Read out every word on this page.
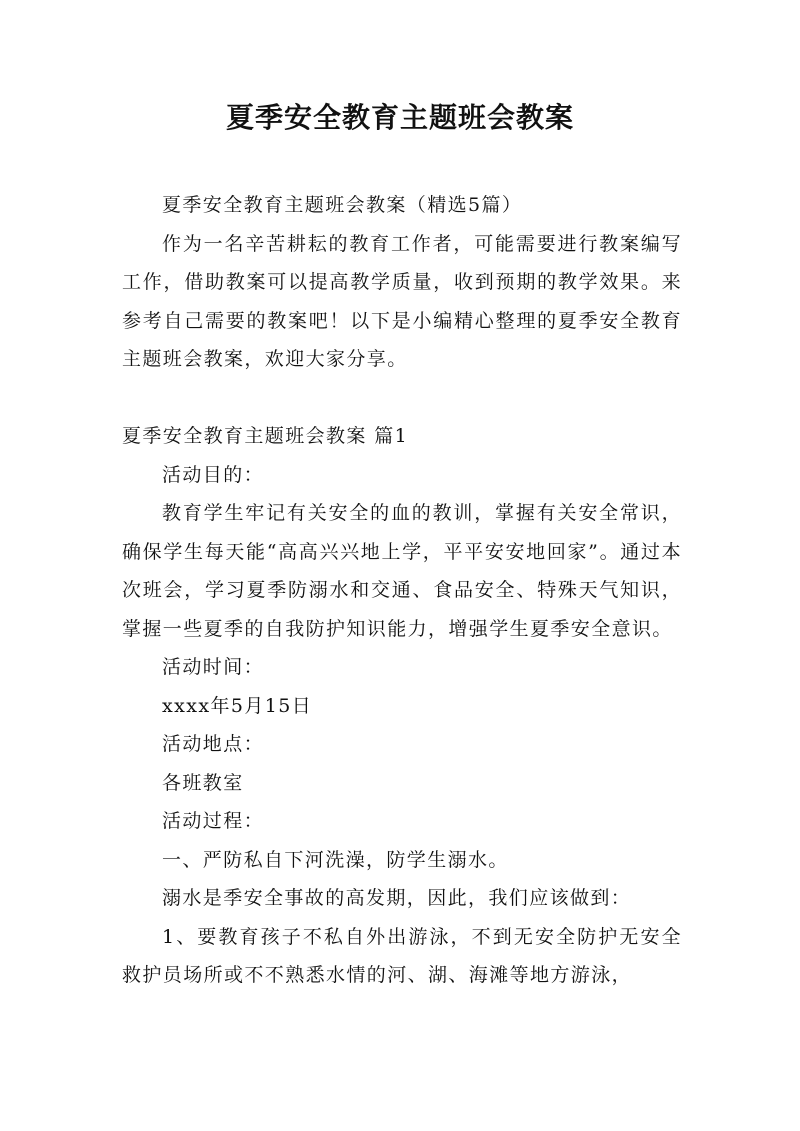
夏季安全教育主题班会教案

夏季安全教育主题班会教案（精选5篇）

作为一名辛苦耕耘的教育工作者，可能需要进行教案编写工作，借助教案可以提高教学质量，收到预期的教学效果。来参考自己需要的教案吧！以下是小编精心整理的夏季安全教育主题班会教案，欢迎大家分享。

夏季安全教育主题班会教案 篇1

活动目的：

教育学生牢记有关安全的血的教训，掌握有关安全常识，确保学生每天能“高高兴兴地上学，平平安安地回家”。通过本次班会，学习夏季防溺水和交通、食品安全、特殊天气知识，掌握一些夏季的自我防护知识能力，增强学生夏季安全意识。

活动时间：

xxxx年5月15日

活动地点：

各班教室

活动过程：

一、严防私自下河洗澡，防学生溺水。

溺水是季安全事故的高发期，因此，我们应该做到：

1、要教育孩子不私自外出游泳，不到无安全防护无安全救护员场所或不不熟悉水情的河、湖、海滩等地方游泳，
